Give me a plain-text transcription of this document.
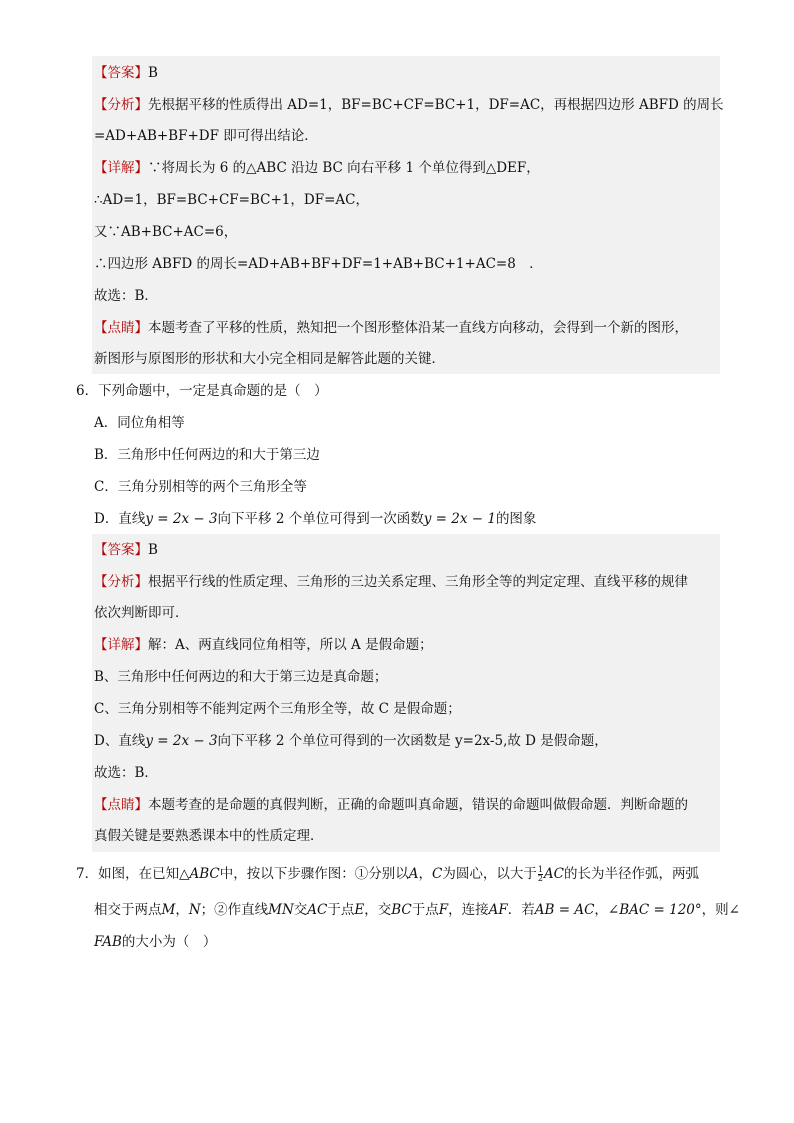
【答案】B
【分析】先根据平移的性质得出 AD=1，BF=BC+CF=BC+1，DF=AC，再根据四边形 ABFD 的周长
=AD+AB+BF+DF 即可得出结论．
【详解】∵将周长为 6 的△ABC 沿边 BC 向右平移 1 个单位得到△DEF，
∴AD=1，BF=BC+CF=BC+1，DF=AC，
又∵AB+BC+AC=6，
∴四边形 ABFD 的周长=AD+AB+BF+DF=1+AB+BC+1+AC=8　．
故选：B．
【点睛】本题考查了平移的性质，熟知把一个图形整体沿某一直线方向移动，会得到一个新的图形，
新图形与原图形的形状和大小完全相同是解答此题的关键．
6．下列命题中，一定是真命题的是（　）
A．同位角相等
B．三角形中任何两边的和大于第三边
C．三角分别相等的两个三角形全等
D．直线y = 2x − 3向下平移 2 个单位可得到一次函数y = 2x − 1的图象
【答案】B
【分析】根据平行线的性质定理、三角形的三边关系定理、三角形全等的判定定理、直线平移的规律
依次判断即可．
【详解】解：A、两直线同位角相等，所以 A 是假命题；
B、三角形中任何两边的和大于第三边是真命题；
C、三角分别相等不能判定两个三角形全等，故 C 是假命题；
D、直线y = 2x − 3向下平移 2 个单位可得到的一次函数是 y=2x-5,故 D 是假命题，
故选：B．
【点睛】本题考查的是命题的真假判断，正确的命题叫真命题，错误的命题叫做假命题．判断命题的
真假关键是要熟悉课本中的性质定理．
7．如图，在已知△ABC中，按以下步骤作图：①分别以A，C为圆心，以大于 $\frac{1}{2}$ AC的长为半径作弧，两弧
相交于两点M，N；②作直线MN交AC于点E，交BC于点F，连接AF．若AB = AC，∠BAC = 120°，则∠
FAB的大小为（　）
